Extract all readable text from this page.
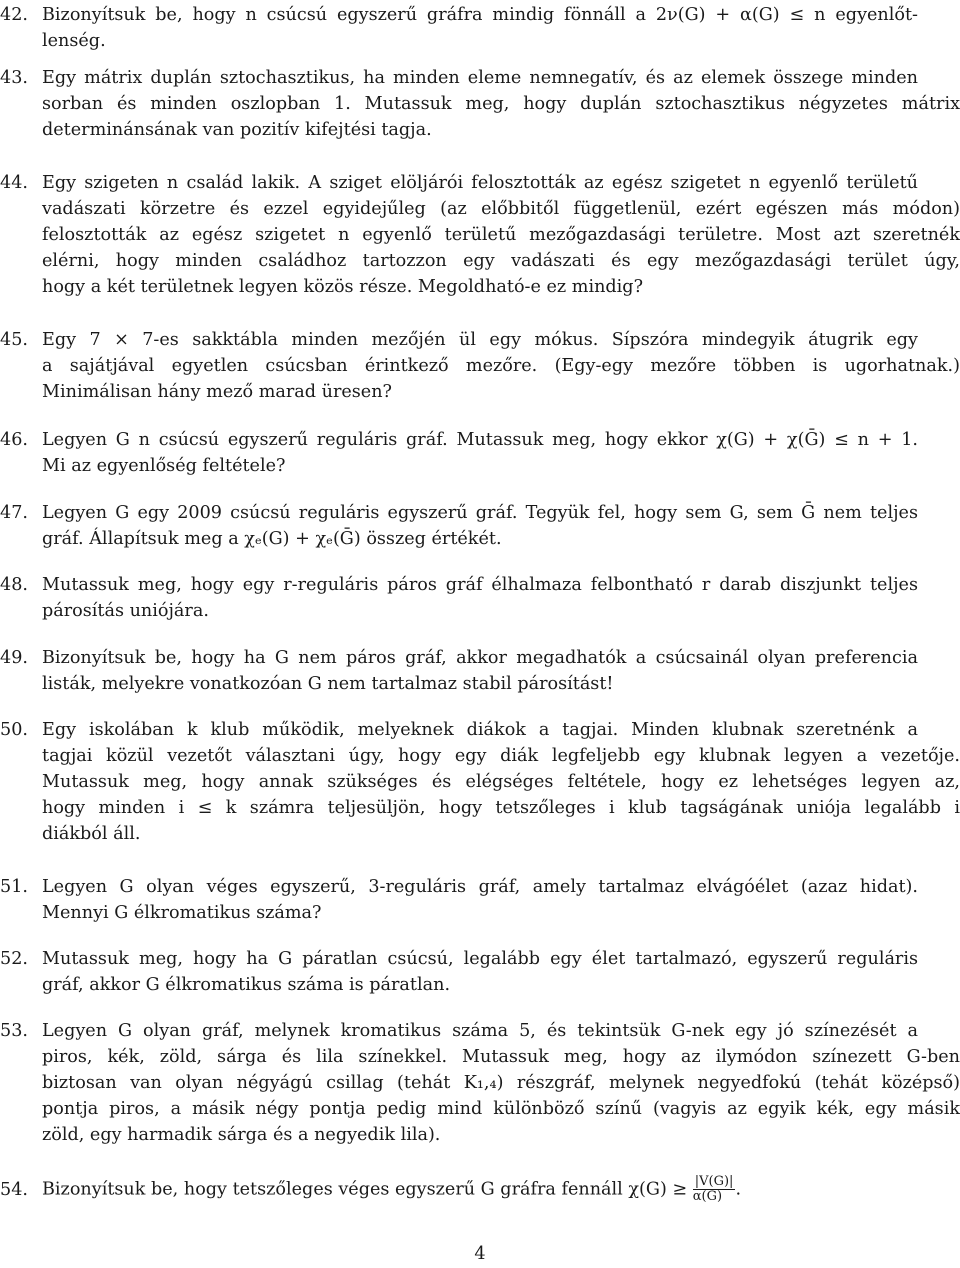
42. Bizonyítsuk be, hogy n csúcsú egyszerű gráfra mindig fönnáll a 2ν(G) + α(G) ≤ n egyenlőt-
lenség.
43. Egy mátrix duplán sztochasztikus, ha minden eleme nemnegatív, és az elemek összege minden
sorban és minden oszlopban 1. Mutassuk meg, hogy duplán sztochasztikus négyzetes mátrix
determinánsának van pozitív kifejtési tagja.
44. Egy szigeten n család lakik. A sziget elöljárói felosztották az egész szigetet n egyenlő területű
vadászati körzetre és ezzel egyidejűleg (az előbbitől függetlenül, ezért egészen más módon)
felosztották az egész szigetet n egyenlő területű mezőgazdasági területre. Most azt szeretnék
elérni, hogy minden családhoz tartozzon egy vadászati és egy mezőgazdasági terület úgy,
hogy a két területnek legyen közös része. Megoldható-e ez mindig?
45. Egy 7 × 7-es sakktábla minden mezőjén ül egy mókus. Sípszóra mindegyik átugrik egy
a sajátjával egyetlen csúcsban érintkező mezőre. (Egy-egy mezőre többen is ugorhatnak.)
Minimálisan hány mező marad üresen?
46. Legyen G n csúcsú egyszerű reguláris gráf. Mutassuk meg, hogy ekkor χ(G) + χ(Ḡ) ≤ n + 1.
Mi az egyenlőség feltétele?
47. Legyen G egy 2009 csúcsú reguláris egyszerű gráf. Tegyük fel, hogy sem G, sem Ḡ nem teljes
gráf. Állapítsuk meg a χₑ(G) + χₑ(Ḡ) összeg értékét.
48. Mutassuk meg, hogy egy r-reguláris páros gráf élhalmaza felbontható r darab diszjunkt teljes
párosítás uniójára.
49. Bizonyítsuk be, hogy ha G nem páros gráf, akkor megadhatók a csúcsainál olyan preferencia
listák, melyekre vonatkozóan G nem tartalmaz stabil párosítást!
50. Egy iskolában k klub működik, melyeknek diákok a tagjai. Minden klubnak szeretnénk a
tagjai közül vezetőt választani úgy, hogy egy diák legfeljebb egy klubnak legyen a vezetője.
Mutassuk meg, hogy annak szükséges és elégséges feltétele, hogy ez lehetséges legyen az,
hogy minden i ≤ k számra teljesüljön, hogy tetszőleges i klub tagságának uniója legalább i
diákból áll.
51. Legyen G olyan véges egyszerű, 3-reguláris gráf, amely tartalmaz elvágóélet (azaz hidat).
Mennyi G élkromatikus száma?
52. Mutassuk meg, hogy ha G páratlan csúcsú, legalább egy élet tartalmazó, egyszerű reguláris
gráf, akkor G élkromatikus száma is páratlan.
53. Legyen G olyan gráf, melynek kromatikus száma 5, és tekintsük G-nek egy jó színezését a
piros, kék, zöld, sárga és lila színekkel. Mutassuk meg, hogy az ilymódon színezett G-ben
biztosan van olyan négyágú csillag (tehát K₁,₄) részgráf, melynek negyedfokú (tehát középső)
pontja piros, a másik négy pontja pedig mind különböző színű (vagyis az egyik kék, egy másik
zöld, egy harmadik sárga és a negyedik lila).
54. Bizonyítsuk be, hogy tetszőleges véges egyszerű G gráfra fennáll $\chi(G) \ge \frac{|V(G)|}{\alpha(G)}$ .
4
